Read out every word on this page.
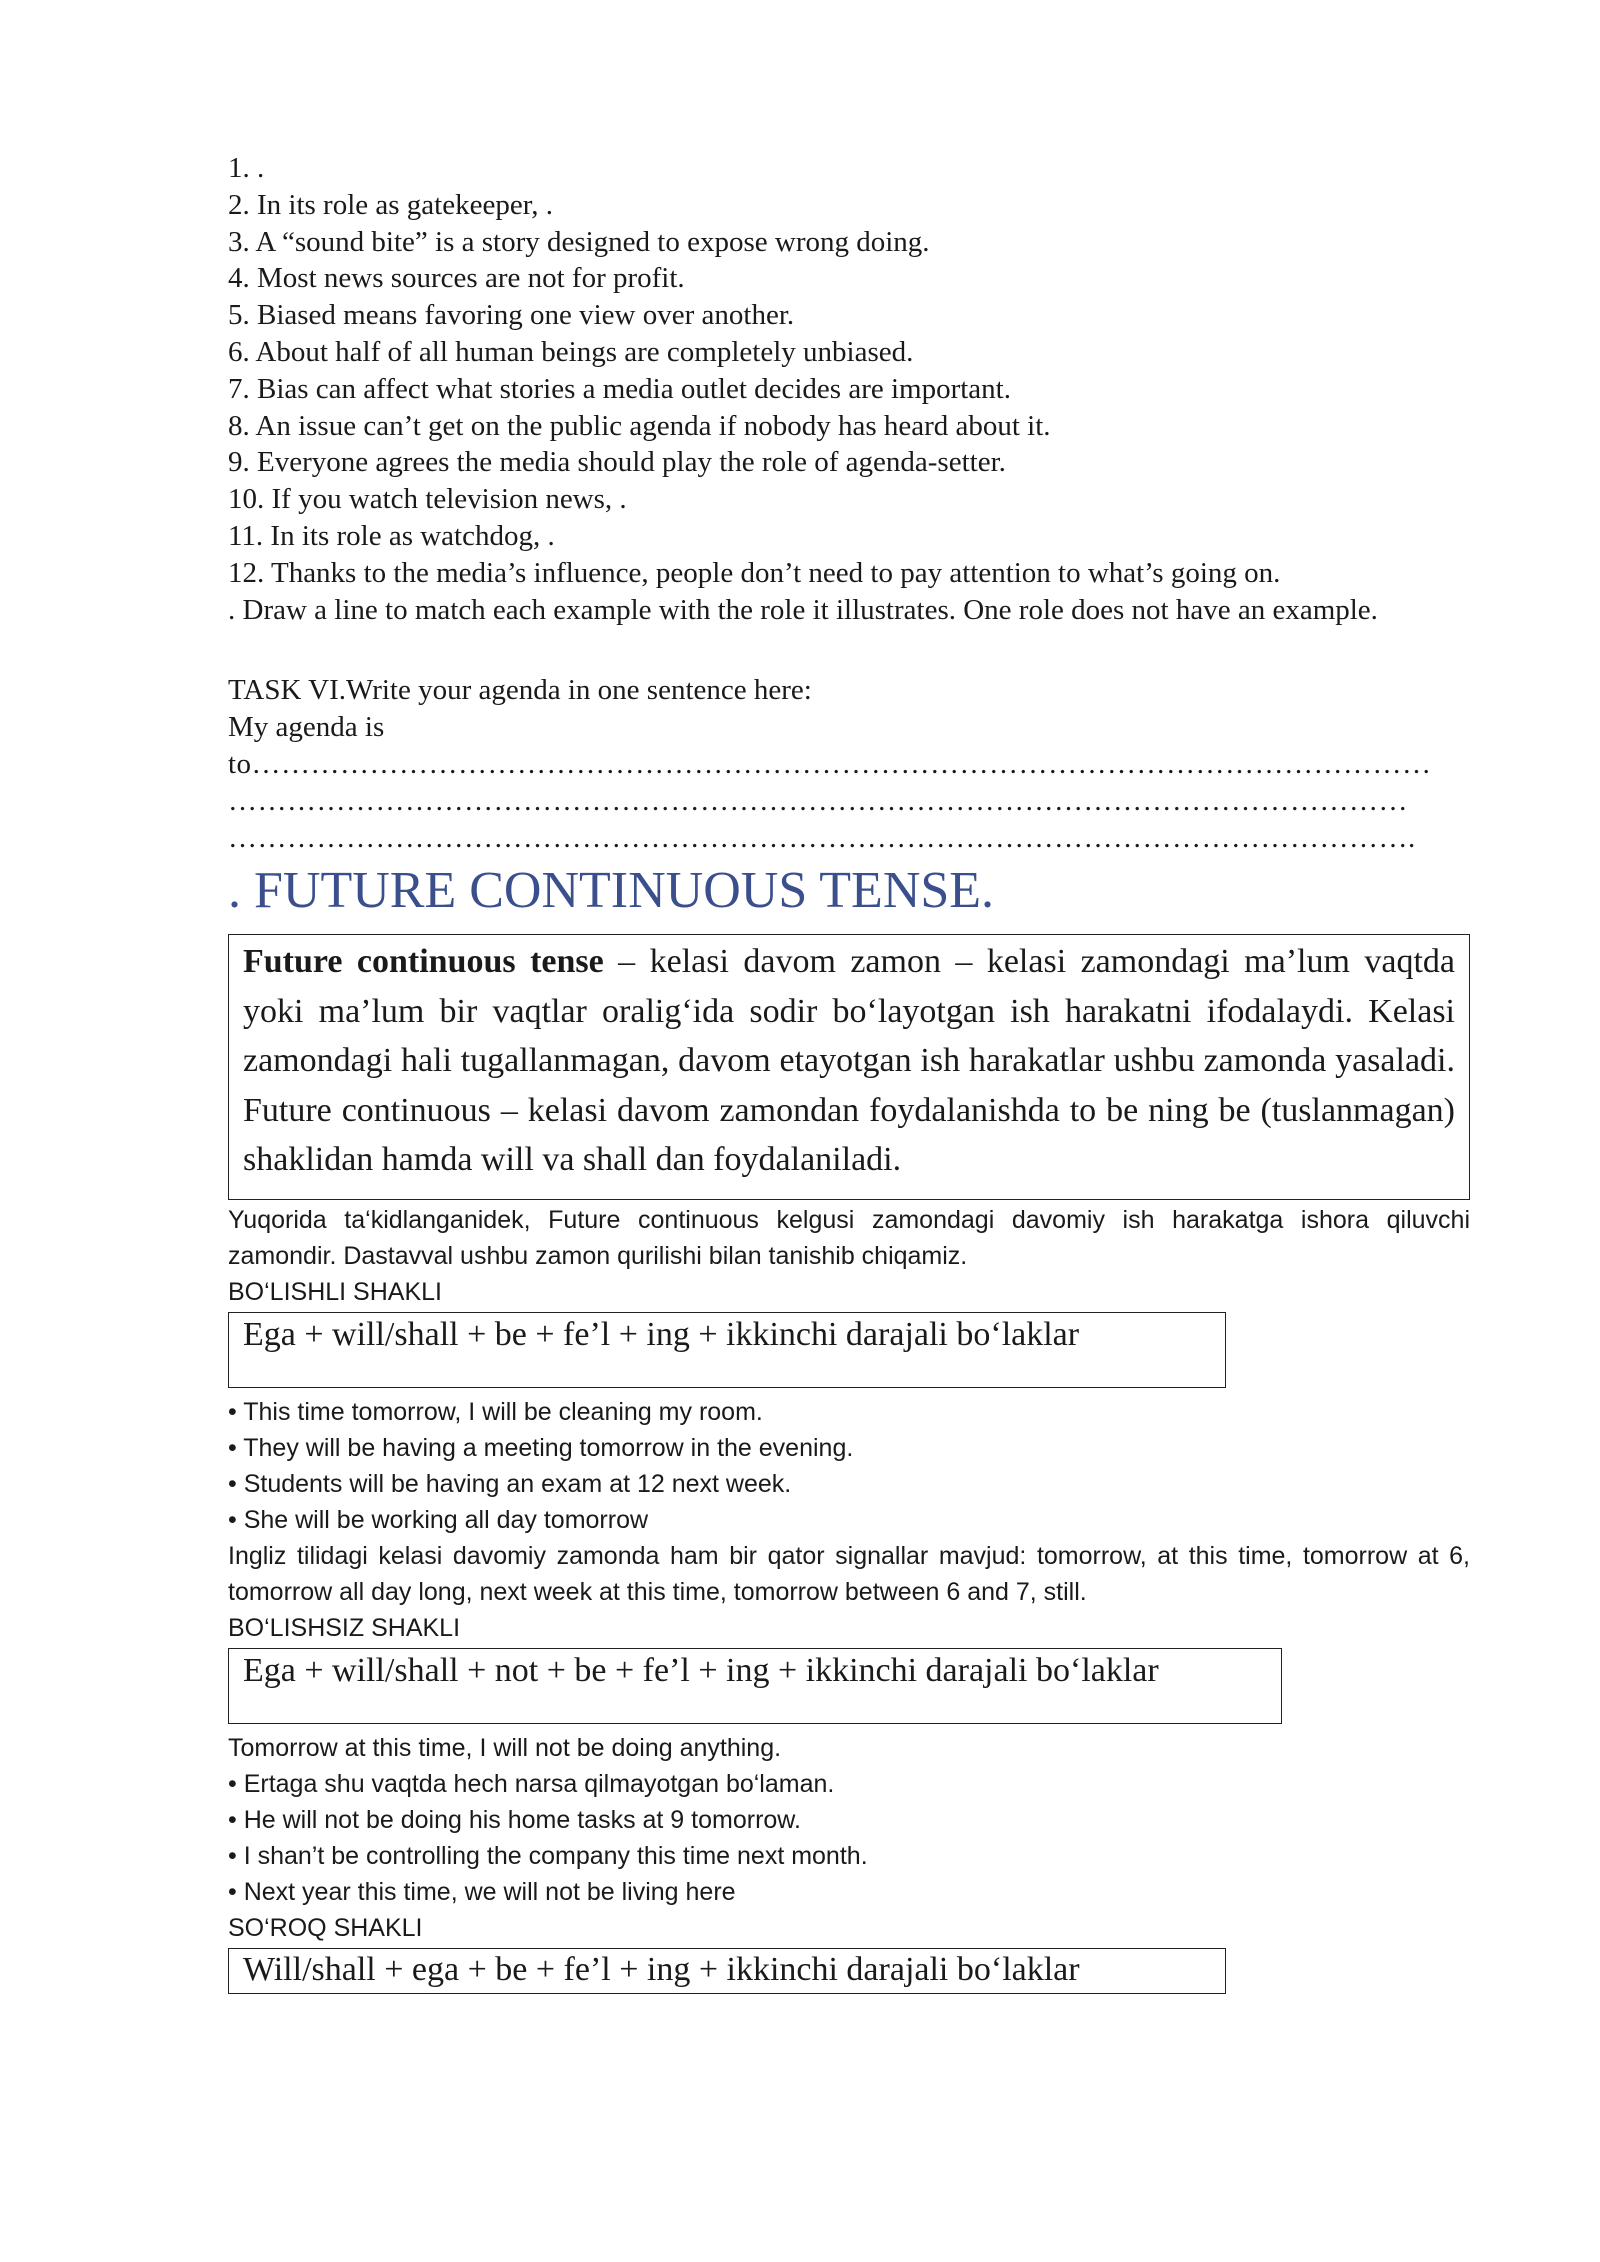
1. .
2. In its role as gatekeeper, .
3. A “sound bite” is a story designed to expose wrong doing.
4. Most news sources are not for profit.
5. Biased means favoring one view over another.
6. About half of all human beings are completely unbiased.
7. Bias can affect what stories a media outlet decides are important.
8. An issue can’t get on the public agenda if nobody has heard about it.
9. Everyone agrees the media should play the role of agenda-setter.
10. If you watch television news, .
11. In its role as watchdog, .
12. Thanks to the media’s influence, people don’t need to pay attention to what’s going on.
. Draw a line to match each example with the role it illustrates. One role does not have an example.
TASK VI.Write your agenda in one sentence here:
My agenda is
to…………………………………………………………………………………………………………
…………………………………………………………………………………………………………
………………………………………………………………………………………………………….
. FUTURE CONTINUOUS TENSE.
Future continuous tense – kelasi davom zamon – kelasi zamondagi ma’lum vaqtda yoki ma’lum bir vaqtlar oralig‘ida sodir bo‘layotgan ish harakatni ifodalaydi. Kelasi zamondagi hali tugallanmagan, davom etayotgan ish harakatlar ushbu zamonda yasaladi. Future continuous – kelasi davom zamondan foydalanishda to be ning be (tuslanmagan) shaklidan hamda will va shall dan foydalaniladi.
Yuqorida ta‘kidlanganidek, Future continuous kelgusi zamondagi davomiy ish harakatga ishora qiluvchi zamondir. Dastavval ushbu zamon qurilishi bilan tanishib chiqamiz.
BO‘LISHLI SHAKLI
Ega + will/shall + be + fe’l + ing + ikkinchi darajali bo‘laklar
• This time tomorrow, I will be cleaning my room.
• They will be having a meeting tomorrow in the evening.
• Students will be having an exam at 12 next week.
• She will be working all day tomorrow
Ingliz tilidagi kelasi davomiy zamonda ham bir qator signallar mavjud: tomorrow, at this time, tomorrow at 6, tomorrow all day long, next week at this time, tomorrow between 6 and 7, still.
BO‘LISHSIZ SHAKLI
Ega + will/shall + not + be + fe’l + ing + ikkinchi darajali bo‘laklar
Tomorrow at this time, I will not be doing anything.
• Ertaga shu vaqtda hech narsa qilmayotgan bo‘laman.
• He will not be doing his home tasks at 9 tomorrow.
• I shan’t be controlling the company this time next month.
• Next year this time, we will not be living here
SO‘ROQ SHAKLI
Will/shall + ega + be + fe’l + ing + ikkinchi darajali bo‘laklar
